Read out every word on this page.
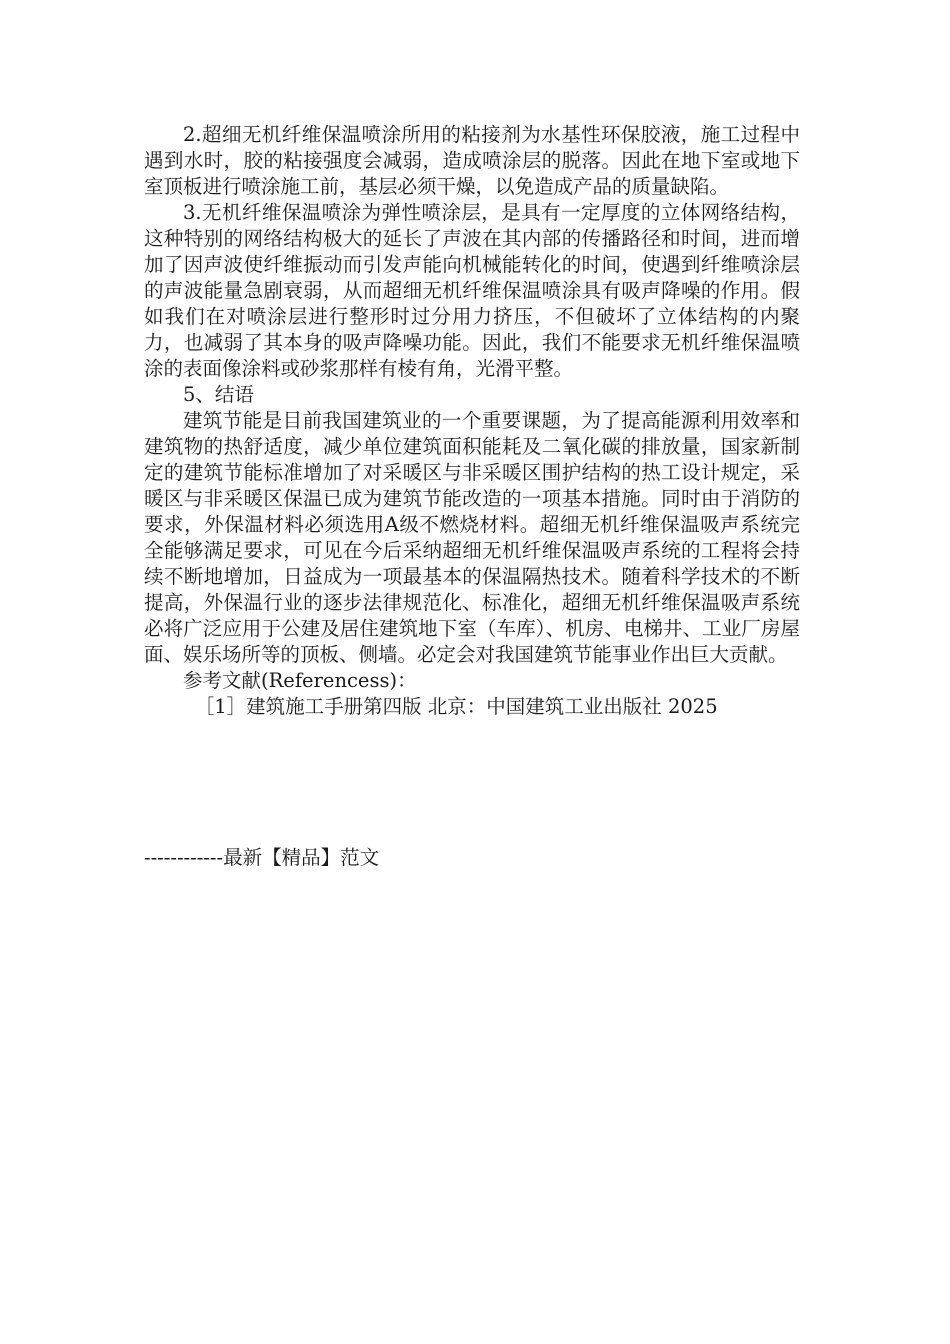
2.超细无机纤维保温喷涂所用的粘接剂为水基性环保胶液，施工过程中遇到水时，胶的粘接强度会减弱，造成喷涂层的脱落。因此在地下室或地下室顶板进行喷涂施工前，基层必须干燥，以免造成产品的质量缺陷。

3.无机纤维保温喷涂为弹性喷涂层，是具有一定厚度的立体网络结构，这种特别的网络结构极大的延长了声波在其内部的传播路径和时间，进而增加了因声波使纤维振动而引发声能向机械能转化的时间，使遇到纤维喷涂层的声波能量急剧衰弱，从而超细无机纤维保温喷涂具有吸声降噪的作用。假如我们在对喷涂层进行整形时过分用力挤压，不但破坏了立体结构的内聚力，也减弱了其本身的吸声降噪功能。因此，我们不能要求无机纤维保温喷涂的表面像涂料或砂浆那样有棱有角，光滑平整。

5、结语

建筑节能是目前我国建筑业的一个重要课题，为了提高能源利用效率和建筑物的热舒适度，减少单位建筑面积能耗及二氧化碳的排放量，国家新制定的建筑节能标准增加了对采暖区与非采暖区围护结构的热工设计规定，采暖区与非采暖区保温已成为建筑节能改造的一项基本措施。同时由于消防的要求，外保温材料必须选用A级不燃烧材料。超细无机纤维保温吸声系统完全能够满足要求，可见在今后采纳超细无机纤维保温吸声系统的工程将会持续不断地增加，日益成为一项最基本的保温隔热技术。随着科学技术的不断提高，外保温行业的逐步法律规范化、标准化，超细无机纤维保温吸声系统必将广泛应用于公建及居住建筑地下室（车库）、机房、电梯井、工业厂房屋面、娱乐场所等的顶板、侧墙。必定会对我国建筑节能事业作出巨大贡献。

参考文献(Referencess)：

［1］建筑施工手册第四版 北京：中国建筑工业出版社 2025

------------最新【精品】范文
